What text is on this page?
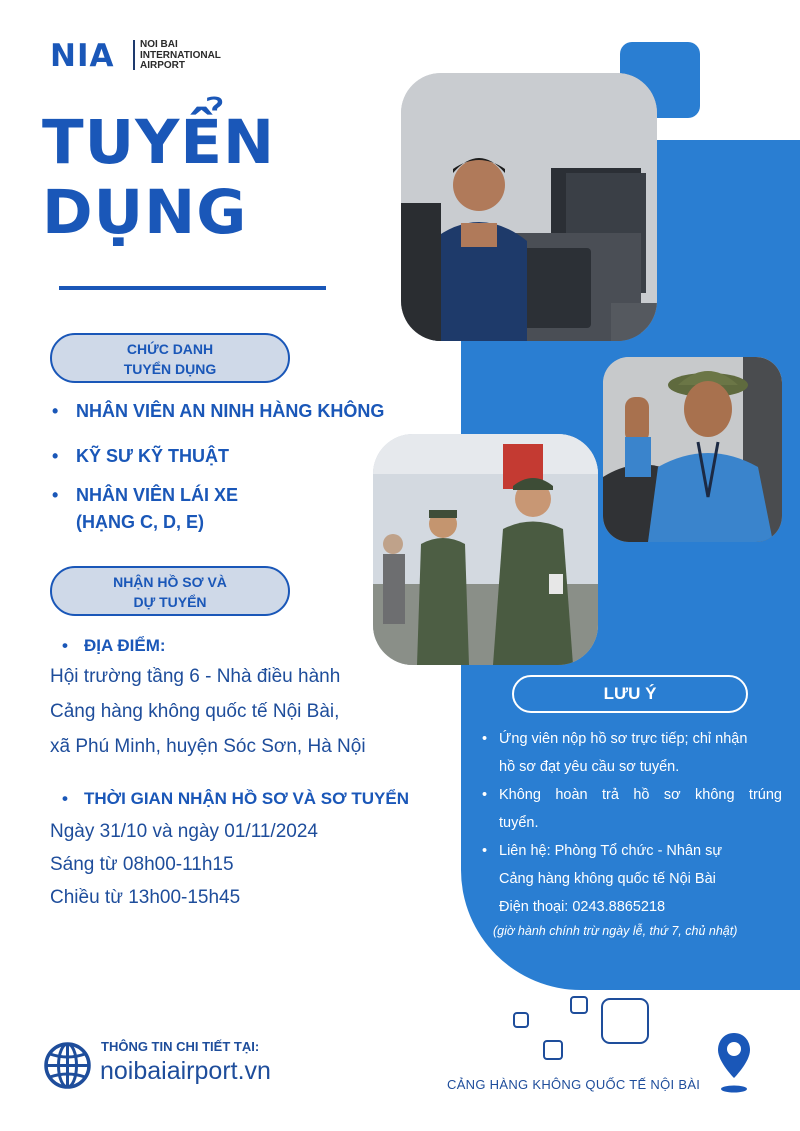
NIA	NOI BAI
INTERNATIONAL
AIRPORT
TUYỂN
DỤNG
CHỨC DANH
TUYỂN DỤNG
• NHÂN VIÊN AN NINH HÀNG KHÔNG
• KỸ SƯ KỸ THUẬT
• NHÂN VIÊN LÁI XE
(HẠNG C, D, E)
NHẬN HỒ SƠ VÀ
DỰ TUYỂN
• ĐỊA ĐIỂM:
Hội trường tầng 6 - Nhà điều hành
Cảng hàng không quốc tế Nội Bài,
xã Phú Minh, huyện Sóc Sơn, Hà Nội
• THỜI GIAN NHẬN HỒ SƠ VÀ SƠ TUYỂN
Ngày 31/10 và ngày 01/11/2024
Sáng từ 08h00-11h15
Chiều từ 13h00-15h45
LƯU Ý
• Ứng viên nộp hồ sơ trực tiếp; chỉ nhận
hồ sơ đạt yêu cầu sơ tuyển.
• Không hoàn trả hồ sơ không trúng
tuyển.
• Liên hệ: Phòng Tổ chức - Nhân sự
Cảng hàng không quốc tế Nội Bài
Điện thoại: 0243.8865218
(giờ hành chính trừ ngày lễ, thứ 7, chủ nhật)
THÔNG TIN CHI TIẾT TẠI:
noibaiairport.vn	CẢNG HÀNG KHÔNG QUỐC TẾ NỘI BÀI
